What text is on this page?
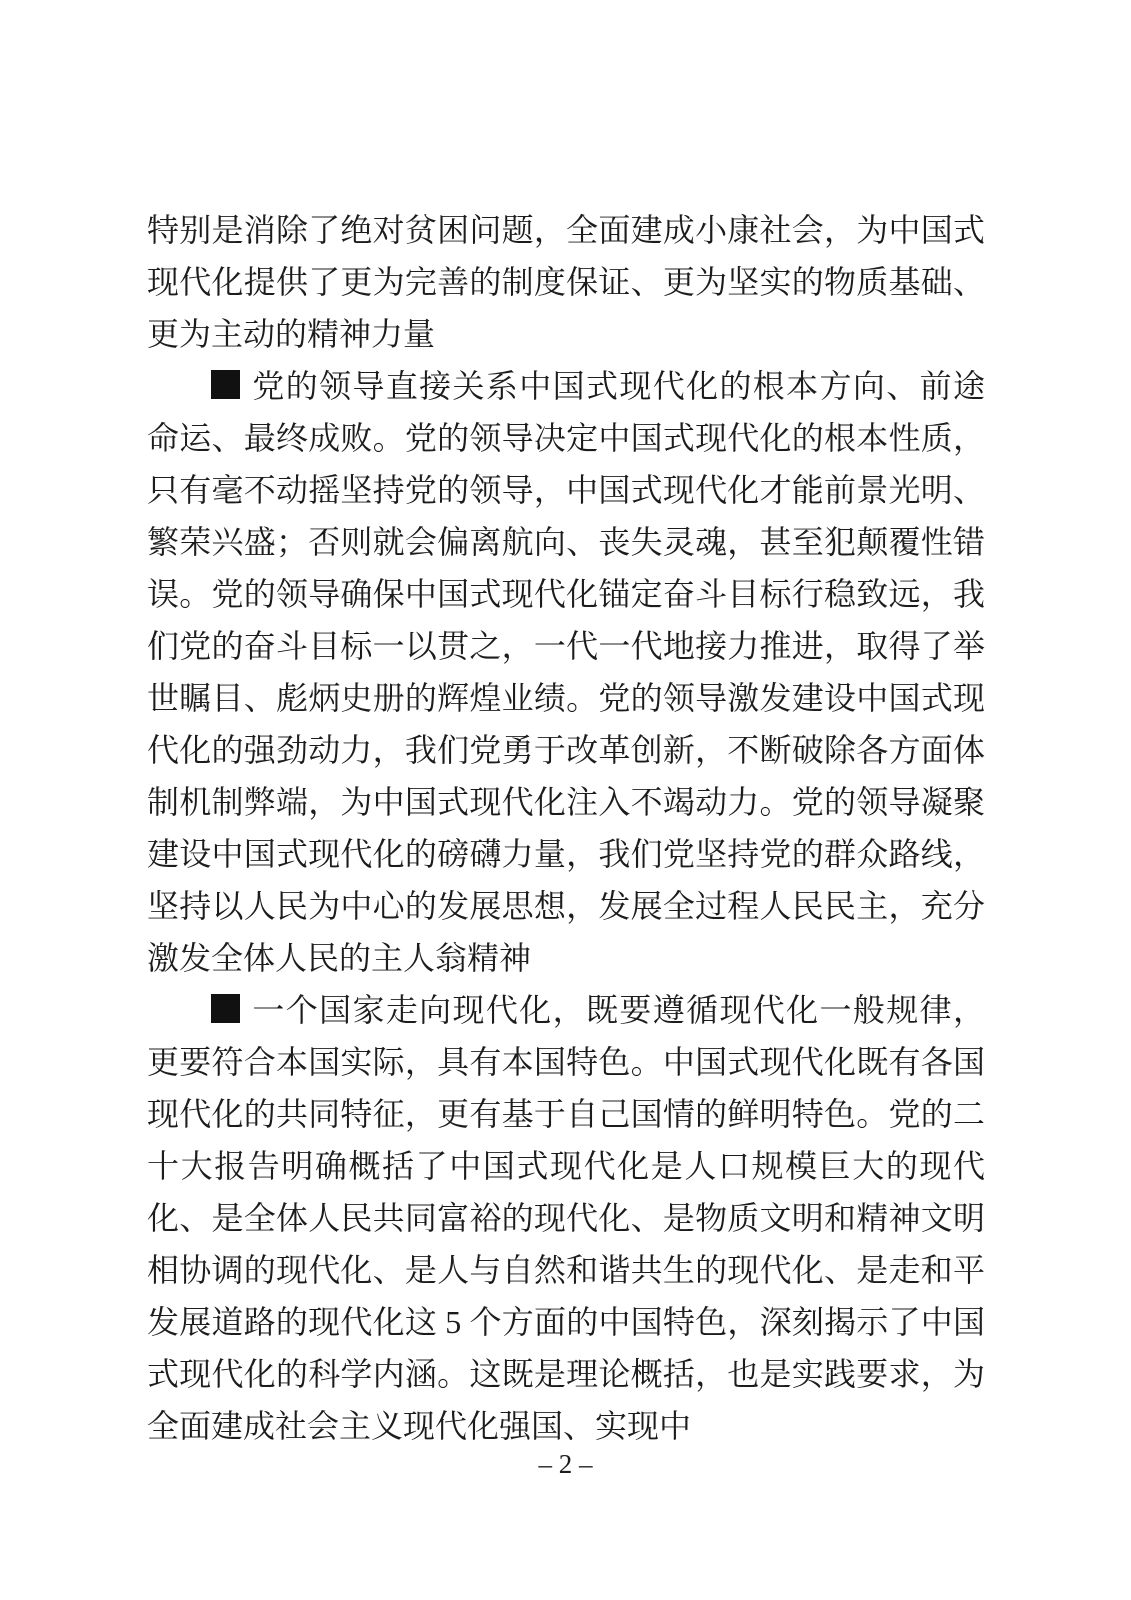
特别是消除了绝对贫困问题，全面建成小康社会，为中国式现代化提供了更为完善的制度保证、更为坚实的物质基础、更为主动的精神力量

党的领导直接关系中国式现代化的根本方向、前途命运、最终成败。党的领导决定中国式现代化的根本性质，只有毫不动摇坚持党的领导，中国式现代化才能前景光明、繁荣兴盛；否则就会偏离航向、丧失灵魂，甚至犯颠覆性错误。党的领导确保中国式现代化锚定奋斗目标行稳致远，我们党的奋斗目标一以贯之，一代一代地接力推进，取得了举世瞩目、彪炳史册的辉煌业绩。党的领导激发建设中国式现代化的强劲动力，我们党勇于改革创新，不断破除各方面体制机制弊端，为中国式现代化注入不竭动力。党的领导凝聚建设中国式现代化的磅礴力量，我们党坚持党的群众路线，坚持以人民为中心的发展思想，发展全过程人民民主，充分激发全体人民的主人翁精神

一个国家走向现代化，既要遵循现代化一般规律，更要符合本国实际，具有本国特色。中国式现代化既有各国现代化的共同特征，更有基于自己国情的鲜明特色。党的二十大报告明确概括了中国式现代化是人口规模巨大的现代化、是全体人民共同富裕的现代化、是物质文明和精神文明相协调的现代化、是人与自然和谐共生的现代化、是走和平发展道路的现代化这 5 个方面的中国特色，深刻揭示了中国式现代化的科学内涵。这既是理论概括，也是实践要求，为全面建成社会主义现代化强国、实现中

– 2 –
